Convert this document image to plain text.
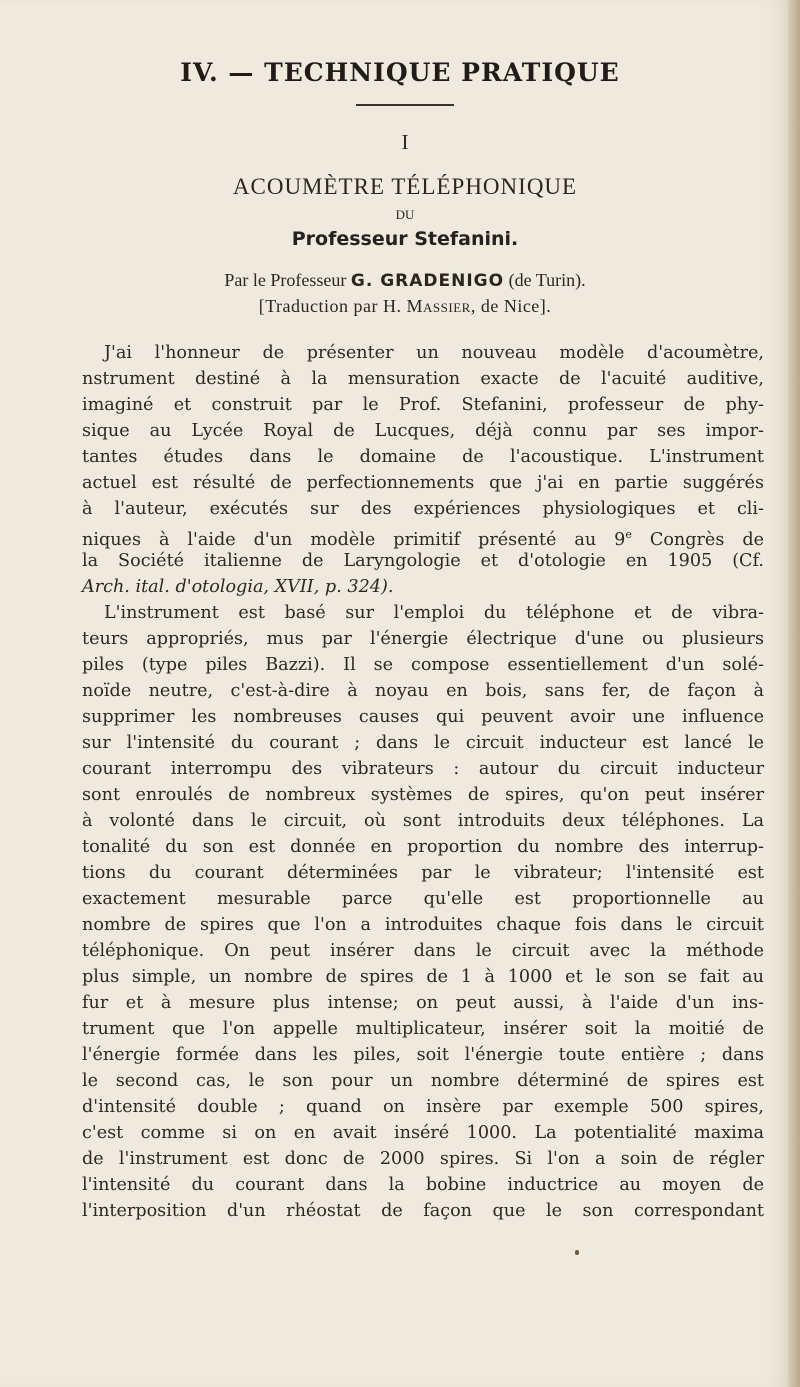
IV. — TECHNIQUE PRATIQUE
I
ACOUMÈTRE TÉLÉPHONIQUE
DU
Professeur Stefanini.
Par le Professeur G. GRADENIGO (de Turin).
[Traduction par H. Massier, de Nice].
J'ai l'honneur de présenter un nouveau modèle d'acoumètre,
nstrument destiné à la mensuration exacte de l'acuité auditive,
imaginé et construit par le Prof. Stefanini, professeur de phy-
sique au Lycée Royal de Lucques, déjà connu par ses impor-
tantes études dans le domaine de l'acoustique. L'instrument
actuel est résulté de perfectionnements que j'ai en partie suggérés
à l'auteur, exécutés sur des expériences physiologiques et cli-
niques à l'aide d'un modèle primitif présenté au 9e Congrès de
la Société italienne de Laryngologie et d'otologie en 1905 (Cf.
Arch. ital. d'otologia, XVII, p. 324).
L'instrument est basé sur l'emploi du téléphone et de vibra-
teurs appropriés, mus par l'énergie électrique d'une ou plusieurs
piles (type piles Bazzi). Il se compose essentiellement d'un solé-
noïde neutre, c'est-à-dire à noyau en bois, sans fer, de façon à
supprimer les nombreuses causes qui peuvent avoir une influence
sur l'intensité du courant ; dans le circuit inducteur est lancé le
courant interrompu des vibrateurs : autour du circuit inducteur
sont enroulés de nombreux systèmes de spires, qu'on peut insérer
à volonté dans le circuit, où sont introduits deux téléphones. La
tonalité du son est donnée en proportion du nombre des interrup-
tions du courant déterminées par le vibrateur; l'intensité est
exactement mesurable parce qu'elle est proportionnelle au
nombre de spires que l'on a introduites chaque fois dans le circuit
téléphonique. On peut insérer dans le circuit avec la méthode
plus simple, un nombre de spires de 1 à 1000 et le son se fait au
fur et à mesure plus intense; on peut aussi, à l'aide d'un ins-
trument que l'on appelle multiplicateur, insérer soit la moitié de
l'énergie formée dans les piles, soit l'énergie toute entière ; dans
le second cas, le son pour un nombre déterminé de spires est
d'intensité double ; quand on insère par exemple 500 spires,
c'est comme si on en avait inséré 1000. La potentialité maxima
de l'instrument est donc de 2000 spires. Si l'on a soin de régler
l'intensité du courant dans la bobine inductrice au moyen de
l'interposition d'un rhéostat de façon que le son correspondant
